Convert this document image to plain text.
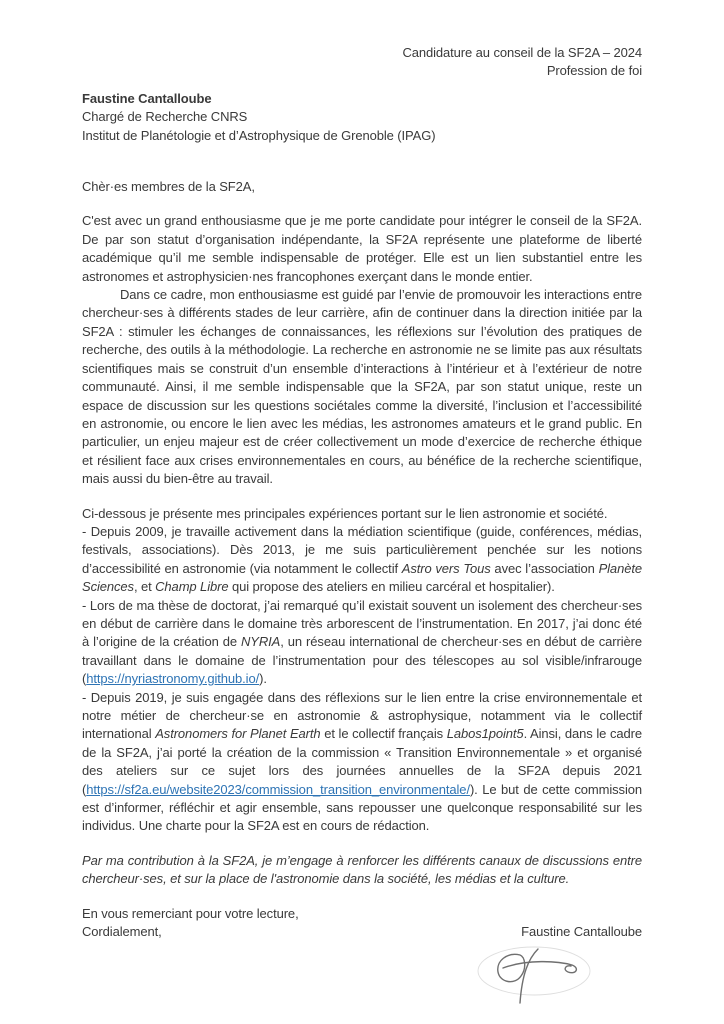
Candidature au conseil de la SF2A – 2024
Profession de foi
Faustine Cantalloube
Chargé de Recherche CNRS
Institut de Planétologie et d’Astrophysique de Grenoble (IPAG)
Chèr·es membres de la SF2A,

C'est avec un grand enthousiasme que je me porte candidate pour intégrer le conseil de la SF2A. De par son statut d’organisation indépendante, la SF2A représente une plateforme de liberté académique qu’il me semble indispensable de protéger. Elle est un lien substantiel entre les astronomes et astrophysicien·nes francophones exerçant dans le monde entier.

Dans ce cadre, mon enthousiasme est guidé par l’envie de promouvoir les interactions entre chercheur·ses à différents stades de leur carrière, afin de continuer dans la direction initiée par la SF2A : stimuler les échanges de connaissances, les réflexions sur l’évolution des pratiques de recherche, des outils à la méthodologie. La recherche en astronomie ne se limite pas aux résultats scientifiques mais se construit d’un ensemble d’interactions à l’intérieur et à l’extérieur de notre communauté. Ainsi, il me semble indispensable que la SF2A, par son statut unique, reste un espace de discussion sur les questions sociétales comme la diversité, l’inclusion et l’accessibilité en astronomie, ou encore le lien avec les médias, les astronomes amateurs et le grand public. En particulier, un enjeu majeur est de créer collectivement un mode d’exercice de recherche éthique et résilient face aux crises environnementales en cours, au bénéfice de la recherche scientifique, mais aussi du bien-être au travail.

Ci-dessous je présente mes principales expériences portant sur le lien astronomie et société.

- Depuis 2009, je travaille activement dans la médiation scientifique (guide, conférences, médias, festivals, associations). Dès 2013, je me suis particulièrement penchée sur les notions d’accessibilité en astronomie (via notamment le collectif Astro vers Tous avec l’association Planète Sciences, et Champ Libre qui propose des ateliers en milieu carcéral et hospitalier).

- Lors de ma thèse de doctorat, j’ai remarqué qu’il existait souvent un isolement des chercheur·ses en début de carrière dans le domaine très arborescent de l’instrumentation. En 2017, j’ai donc été à l’origine de la création de NYRIA, un réseau international de chercheur·ses en début de carrière travaillant dans le domaine de l’instrumentation pour des télescopes au sol visible/infrarouge (https://nyriastronomy.github.io/).

- Depuis 2019, je suis engagée dans des réflexions sur le lien entre la crise environnementale et notre métier de chercheur·se en astronomie & astrophysique, notamment via le collectif international Astronomers for Planet Earth et le collectif français Labos1point5. Ainsi, dans le cadre de la SF2A, j’ai porté la création de la commission « Transition Environnementale » et organisé des ateliers sur ce sujet lors des journées annuelles de la SF2A depuis 2021 (https://sf2a.eu/website2023/commission_transition_environmentale/). Le but de cette commission est d’informer, réfléchir et agir ensemble, sans repousser une quelconque responsabilité sur les individus. Une charte pour la SF2A est en cours de rédaction.

Par ma contribution à la SF2A, je m’engage à renforcer les différents canaux de discussions entre chercheur·ses, et sur la place de l'astronomie dans la société, les médias et la culture.

En vous remerciant pour votre lecture,

Cordialement,	Faustine Cantalloube
